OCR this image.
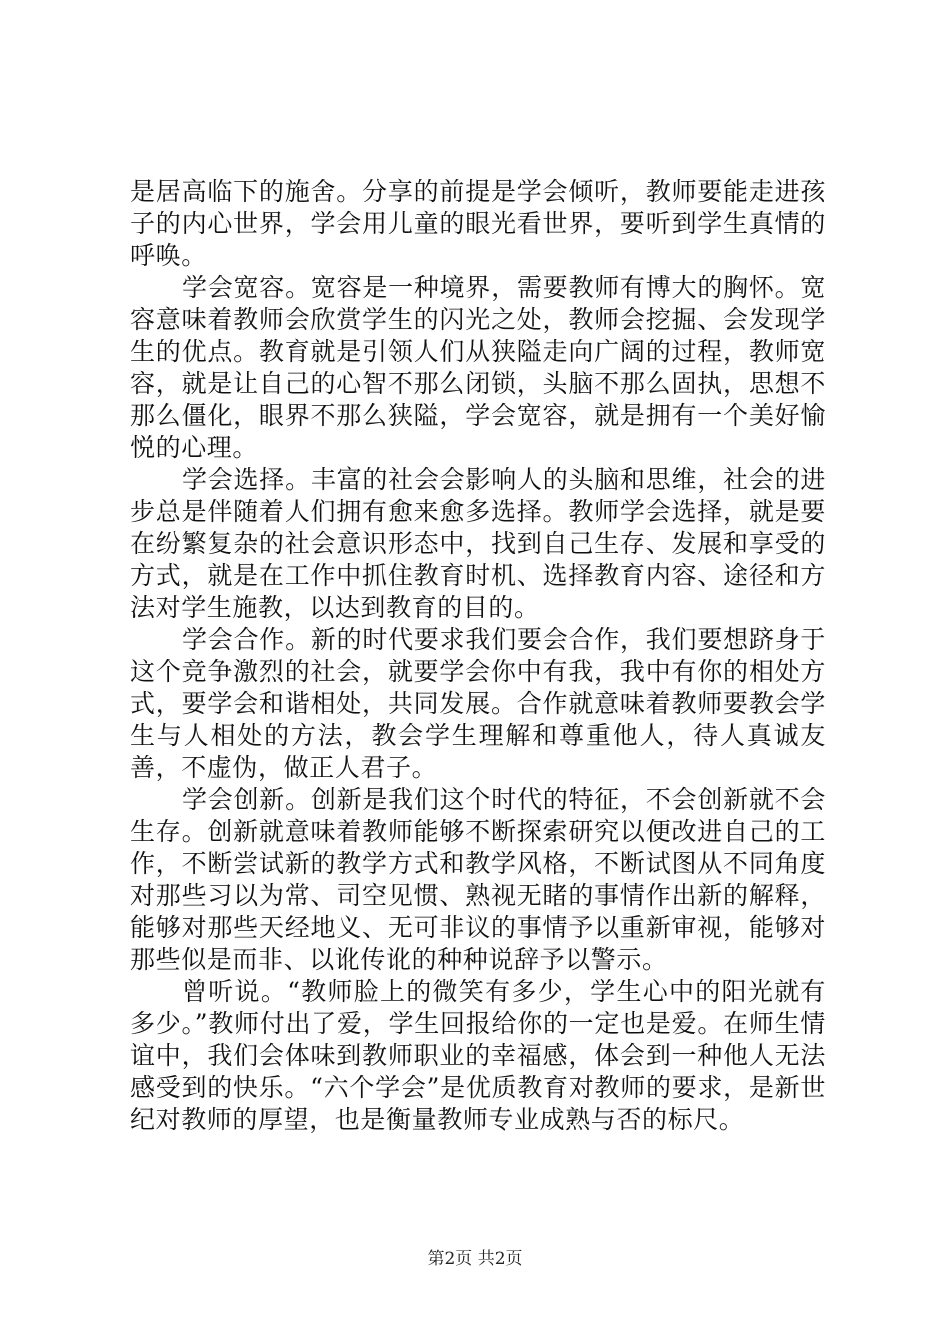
是居高临下的施舍。分享的前提是学会倾听，教师要能走进孩子的内心世界，学会用儿童的眼光看世界，要听到学生真情的呼唤。

学会宽容。宽容是一种境界，需要教师有博大的胸怀。宽容意味着教师会欣赏学生的闪光之处，教师会挖掘、会发现学生的优点。教育就是引领人们从狭隘走向广阔的过程，教师宽容，就是让自己的心智不那么闭锁，头脑不那么固执，思想不那么僵化，眼界不那么狭隘，学会宽容，就是拥有一个美好愉悦的心理。

学会选择。丰富的社会会影响人的头脑和思维，社会的进步总是伴随着人们拥有愈来愈多选择。教师学会选择，就是要在纷繁复杂的社会意识形态中，找到自己生存、发展和享受的方式，就是在工作中抓住教育时机、选择教育内容、途径和方法对学生施教，以达到教育的目的。

学会合作。新的时代要求我们要会合作，我们要想跻身于这个竞争激烈的社会，就要学会你中有我，我中有你的相处方式，要学会和谐相处，共同发展。合作就意味着教师要教会学生与人相处的方法，教会学生理解和尊重他人，待人真诚友善，不虚伪，做正人君子。

学会创新。创新是我们这个时代的特征，不会创新就不会生存。创新就意味着教师能够不断探索研究以便改进自己的工作，不断尝试新的教学方式和教学风格，不断试图从不同角度对那些习以为常、司空见惯、熟视无睹的事情作出新的解释，能够对那些天经地义、无可非议的事情予以重新审视，能够对那些似是而非、以讹传讹的种种说辞予以警示。

曾听说。“教师脸上的微笑有多少，学生心中的阳光就有多少。”教师付出了爱，学生回报给你的一定也是爱。在师生情谊中，我们会体味到教师职业的幸福感，体会到一种他人无法感受到的快乐。“六个学会”是优质教育对教师的要求，是新世纪对教师的厚望，也是衡量教师专业成熟与否的标尺。

第2页 共2页
